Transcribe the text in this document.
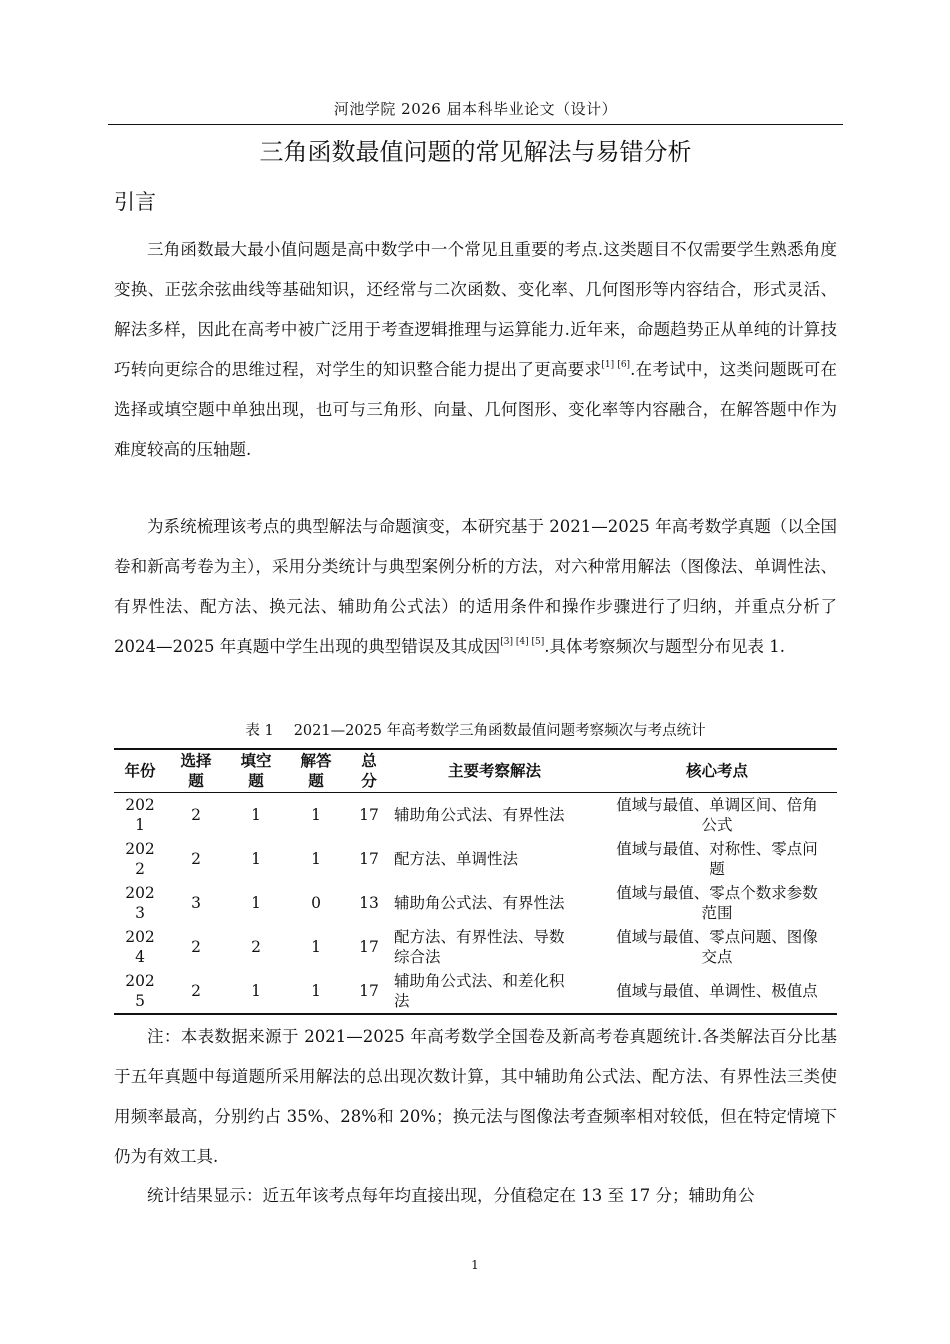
河池学院 2026 届本科毕业论文（设计）
三角函数最值问题的常见解法与易错分析
引言

三角函数最大最小值问题是高中数学中一个常见且重要的考点.这类题目不仅需要学生熟悉角度变换、正弦余弦曲线等基础知识，还经常与二次函数、变化率、几何图形等内容结合，形式灵活、解法多样，因此在高考中被广泛用于考查逻辑推理与运算能力.近年来，命题趋势正从单纯的计算技巧转向更综合的思维过程，对学生的知识整合能力提出了更高要求[1] [6].在考试中，这类问题既可在选择或填空题中单独出现，也可与三角形、向量、几何图形、变化率等内容融合，在解答题中作为难度较高的压轴题.

为系统梳理该考点的典型解法与命题演变，本研究基于 2021—2025 年高考数学真题（以全国卷和新高考卷为主），采用分类统计与典型案例分析的方法，对六种常用解法（图像法、单调性法、有界性法、配方法、换元法、辅助角公式法）的适用条件和操作步骤进行了归纳，并重点分析了 2024—2025 年真题中学生出现的典型错误及其成因[3] [4] [5].具体考察频次与题型分布见表 1.

表 1 2021—2025 年高考数学三角函数最值问题考察频次与考点统计
年份	选择题	填空题	解答题	总分	主要考察解法	核心考点

2021	2	1	1	17	辅助角公式法、有界性法	值域与最值、单调区间、倍角公式

2022	2	1	1	17	配方法、单调性法	值域与最值、对称性、零点问题

2023	3	1	0	13	辅助角公式法、有界性法	值域与最值、零点个数求参数范围

2024	2	2	1	17	配方法、有界性法、导数综合法	值域与最值、零点问题、图像交点

2025	2	1	1	17	辅助角公式法、和差化积法	值域与最值、单调性、极值点

注：本表数据来源于 2021—2025 年高考数学全国卷及新高考卷真题统计.各类解法百分比基于五年真题中每道题所采用解法的总出现次数计算，其中辅助角公式法、配方法、有界性法三类使用频率最高，分别约占 35%、28%和 20%；换元法与图像法考查频率相对较低，但在特定情境下仍为有效工具.

统计结果显示：近五年该考点每年均直接出现，分值稳定在 13 至 17 分；辅助角公

1
